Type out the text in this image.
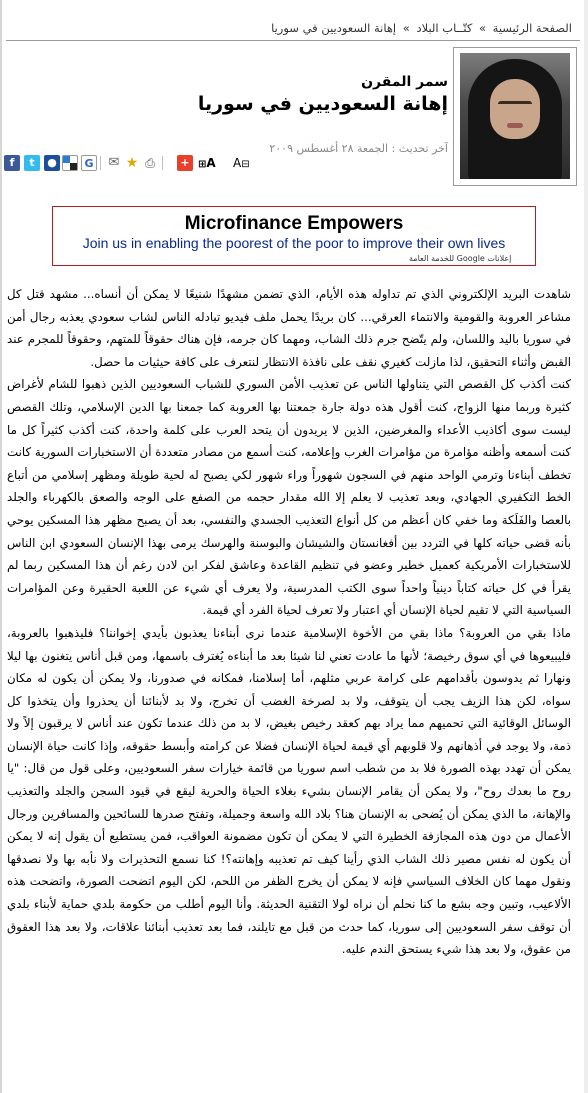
الصفحة الرئيسية » كتّــاب البلاد » إهانة السعوديين في سوريا
سمر المقرن
إهانة السعوديين في سوريا
آخر تحديث : الجمعة ٢٨ أغسطس ٢٠٠٩
f	t	●	G ✉ ★ ⎙	+ ⊞A A⊟
Microfinance Empowers
Join us in enabling the poorest of the poor to improve their own lives
إعلانات Google للخدمة العامة

شاهدت البريد الإلكتروني الذي تم تداوله هذه الأيام، الذي تضمن مشهدًا شنيعًا لا يمكن أن أنساه... مشهد قتل كل مشاعر العروبة والقومية والانتماء العرقي... كان بريدًا يحمل ملف فيديو تبادله الناس لشاب سعودي يعذبه رجال أمن في سوريا باليد واللسان، ولم يتّضح جرم ذلك الشاب، ومهما كان جرمه، فإن هناك حقوقاً للمتهم، وحقوقاً للمجرم عند القبض وأثناء التحقيق، لذا مازلت كغيري نقف على نافذة الانتظار لنتعرف على كافة حيثيات ما حصل.

كنت أكذب كل القصص التي يتناولها الناس عن تعذيب الأمن السوري للشباب السعوديين الذين ذهبوا للشام لأغراض كثيرة وربما منها الزواج، كنت أقول هذه دولة جارة جمعتنا بها العروبة كما جمعنا بها الدين الإسلامي، وتلك القصص ليست سوى أكاذيب الأعداء والمغرضين، الذين لا يريدون أن يتحد العرب على كلمة واحدة، كنت أكذب كثيراً كل ما كنت أسمعه وأظنه مؤامرة من مؤامرات الغرب وإعلامه، كنت أسمع من مصادر متعددة أن الاستخبارات السورية كانت تخطف أبناءنا وترمي الواحد منهم في السجون شهوراً وراء شهور لكي يصبح له لحية طويلة ومظهر إسلامي من أتباع الخط التكفيري الجهادي، وبعد تعذيب لا يعلم إلا الله مقدار حجمه من الصفع على الوجه والصعق بالكهرباء والجلد بالعصا والفَلَكة وما خفي كان أعظم من كل أنواع التعذيب الجسدي والنفسي، بعد أن يصبح مظهر هذا المسكين يوحي بأنه قضى حياته كلها في التردد بين أفغانستان والشيشان والبوسنة والهرسك يرمى بهذا الإنسان السعودي ابن الناس للاستخبارات الأمريكية كعميل خطير وعضو في تنظيم القاعدة وعاشق لفكر ابن لادن رغم أن هذا المسكين ربما لم يقرأ في كل حياته كتاباً دينياً واحداً سوى الكتب المدرسية، ولا يعرف أي شيء عن اللعبة الحقيرة وعن المؤامرات السياسية التي لا تقيم لحياة الإنسان أي اعتبار ولا تعرف لحياة الفرد أي قيمة.

ماذا بقي من العروبة؟ ماذا بقي من الأخوة الإسلامية عندما نرى أبناءنا يعذبون بأيدي إخواننا؟ فليذهبوا بالعروبة، فليبيعوها في أي سوق رخيصة؛ لأنها ما عادت تعني لنا شيئا بعد ما أبناءه يُغترف باسمها، ومن قبل أناس يتغنون بها ليلا ونهارا ثم يدوسون بأقدامهم على كرامة عربي مثلهم، أما إسلامنا، فمكانه في صدورنا، ولا يمكن أن يكون له مكان سواه، لكن هذا الزيف يجب أن يتوقف، ولا بد لصرخة الغضب أن تخرج، ولا بد لأبنائنا أن يحذروا وأن يتخذوا كل الوسائل الوقائية التي تحميهم مما يراد بهم كعقد رخيص بغيض، لا بد من ذلك عندما تكون عند أناس لا يرقبون إلاً ولا ذمة، ولا يوجد في أذهانهم ولا قلوبهم أي قيمة لحياة الإنسان فضلا عن كرامته وأبسط حقوقه، وإذا كانت حياة الإنسان يمكن أن تهدد بهذه الصورة فلا بد من شطب اسم سوريا من قائمة خيارات سفر السعوديين، وعلى قول من قال: "يا روح ما بعدك روح"، ولا يمكن أن يقامر الإنسان بشيء بغلاء الحياة والحرية ليقع في قيود السجن والجلد والتعذيب والإهانة، ما الذي يمكن أن يُضحى به الإنسان هنا؟ بلاد الله واسعة وجميلة، وتفتح صدرها للسائحين والمسافرين ورجال الأعمال من دون هذه المجازفة الخطيرة التي لا يمكن أن تكون مضمونة العواقب، فمن يستطيع أن يقول إنه لا يمكن أن يكون له نفس مصير ذلك الشاب الذي رأينا كيف تم تعذيبه وإهانته؟! كنا نسمع التحذيرات ولا نأبه بها ولا نصدقها ونقول مهما كان الخلاف السياسي فإنه لا يمكن أن يخرج الظفر من اللحم، لكن اليوم اتضحت الصورة، واتضحت هذه الألاعيب، وتبين وجه بشع ما كنا نحلم أن نراه لولا التقنية الحديثة. وأنا اليوم أطلب من حكومة بلدي حماية لأبناء بلدي أن توقف سفر السعوديين إلى سوريا، كما حدث من قبل مع تايلند، فما بعد تعذيب أبنائنا علاقات، ولا بعد هذا العقوق من عقوق، ولا بعد هذا شيء يستحق الندم عليه.
